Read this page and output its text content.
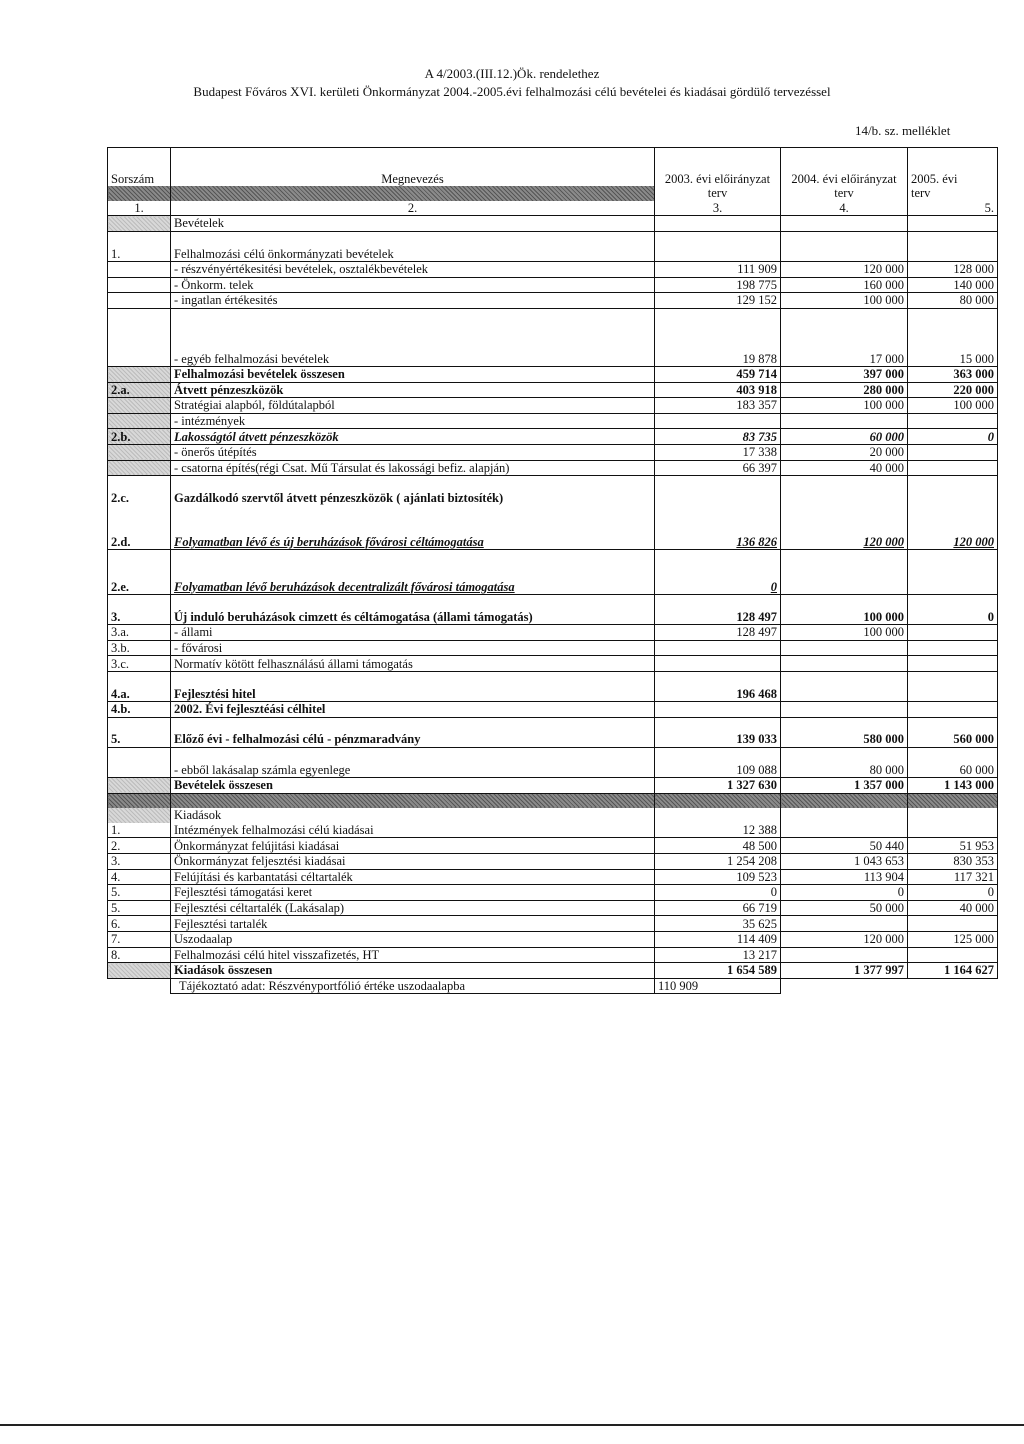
A 4/2003.(III.12.)Ök. rendelethez
Budapest Főváros XVI. kerületi Önkormányzat 2004.-2005.évi felhalmozási célú bevételei és kiadásai gördülő tervezéssel
14/b. sz. melléklet
Sorszám	Megnevezés	2003. évi előirányzat	2004. évi előirányzat	2005. évi
		terv	terv	terv
1.	2.	3.	4.	5.
	Bevételek			

1.	Felhalmozási célú önkormányzati bevételek			
	- részvényértékesitési bevételek, osztalékbevételek	111 909	120 000	128 000
	- Önkorm. telek	198 775	160 000	140 000
	- ingatlan értékesités	129 152	100 000	80 000

	- egyéb felhalmozási bevételek	19 878	17 000	15 000
	Felhalmozási bevételek összesen	459 714	397 000	363 000
2.a.	Átvett pénzeszközök	403 918	280 000	220 000
	Stratégiai alapból, földútalapból	183 357	100 000	100 000
	- intézmények			
2.b.	Lakosságtól átvett pénzeszközök	83 735	60 000	0
	- önerős útépítés	17 338	20 000	
	- csatorna építés(régi Csat. Mű Társulat és lakossági befiz. alapján)	66 397	40 000	

2.c.	Gazdálkodó szervtől átvett pénzeszközök ( ajánlati biztosíték)			

2.d.	Folyamatban lévő és új beruházások fővárosi céltámogatása	136 826	120 000	120 000

2.e.	Folyamatban lévő beruházások decentralizált fővárosi támogatása	0		

3.	Új induló beruházások cimzett és céltámogatása (állami támogatás)	128 497	100 000	0
3.a.	- állami	128 497	100 000	
3.b.	- fővárosi			
3.c.	Normatív kötött felhasználású állami támogatás			

4.a.	Fejlesztési hitel	196 468		
4.b.	2002. Évi fejlesztéási célhitel			

5.	Előző évi - felhalmozási célú - pénzmaradvány	139 033	580 000	560 000

	- ebből lakásalap számla egyenlege	109 088	80 000	60 000
	Bevételek összesen	1 327 630	1 357 000	1 143 000

	Kiadások			
1.	Intézmények felhalmozási célú kiadásai	12 388		
2.	Önkormányzat felújitási kiadásai	48 500	50 440	51 953
3.	Önkormányzat feljesztési kiadásai	1 254 208	1 043 653	830 353
4.	Felújítási és karbantatási céltartalék	109 523	113 904	117 321
5.	Fejlesztési támogatási keret	0	0	0
5.	Fejlesztési céltartalék (Lakásalap)	66 719	50 000	40 000
6.	Fejlesztési tartalék	35 625		
7.	Uszodaalap	114 409	120 000	125 000
8.	Felhalmozási célú hitel visszafizetés, HT	13 217		
	Kiadások összesen	1 654 589	1 377 997	1 164 627
	Tájékoztató adat: Részvényportfólió értéke uszodaalapba	110 909		
